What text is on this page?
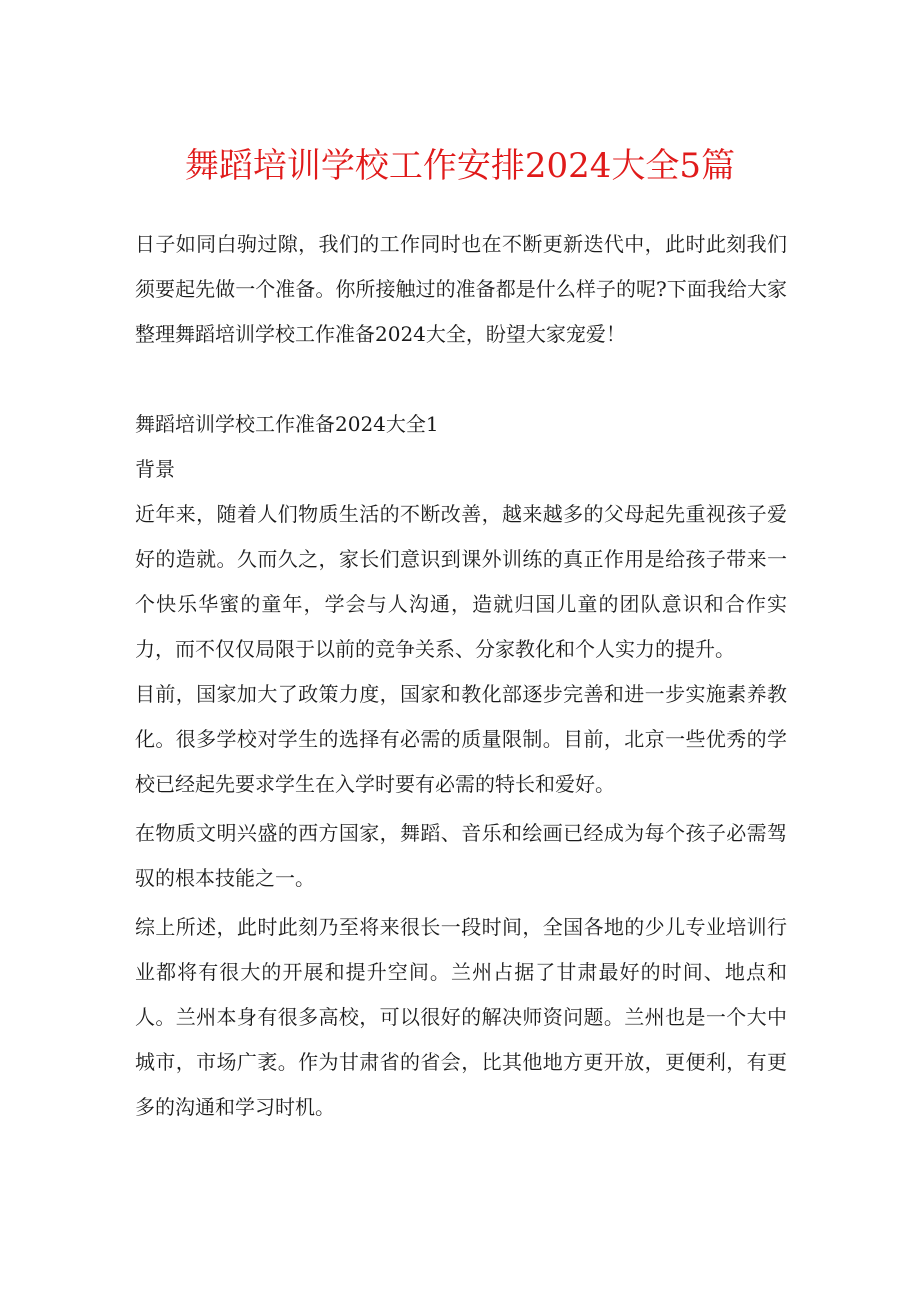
舞蹈培训学校工作安排2024大全5篇

日子如同白驹过隙，我们的工作同时也在不断更新迭代中，此时此刻我们须要起先做一个准备。你所接触过的准备都是什么样子的呢?下面我给大家整理舞蹈培训学校工作准备2024大全，盼望大家宠爱！

舞蹈培训学校工作准备2024大全1

背景

近年来，随着人们物质生活的不断改善，越来越多的父母起先重视孩子爱好的造就。久而久之，家长们意识到课外训练的真正作用是给孩子带来一个快乐华蜜的童年，学会与人沟通，造就归国儿童的团队意识和合作实力，而不仅仅局限于以前的竞争关系、分家教化和个人实力的提升。

目前，国家加大了政策力度，国家和教化部逐步完善和进一步实施素养教化。很多学校对学生的选择有必需的质量限制。目前，北京一些优秀的学校已经起先要求学生在入学时要有必需的特长和爱好。

在物质文明兴盛的西方国家，舞蹈、音乐和绘画已经成为每个孩子必需驾驭的根本技能之一。

综上所述，此时此刻乃至将来很长一段时间，全国各地的少儿专业培训行业都将有很大的开展和提升空间。兰州占据了甘肃最好的时间、地点和人。兰州本身有很多高校，可以很好的解决师资问题。兰州也是一个大中城市，市场广袤。作为甘肃省的省会，比其他地方更开放，更便利，有更多的沟通和学习时机。
